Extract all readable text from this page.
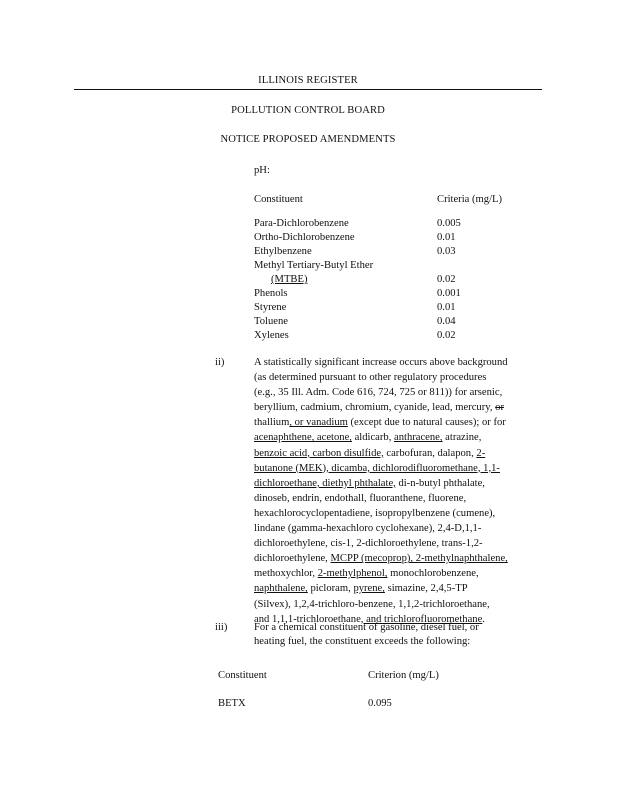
ILLINOIS REGISTER
POLLUTION CONTROL BOARD
NOTICE PROPOSED AMENDMENTS
pH:
Constituent	Criteria (mg/L)
Para-Dichlorobenzene	0.005
Ortho-Dichlorobenzene	0.01
Ethylbenzene	0.03
Methyl Tertiary-Butyl Ether
(MTBE)	0.02
Phenols	0.001
Styrene	0.01
Toluene	0.04
Xylenes	0.02
ii)	A statistically significant increase occurs above background

(as determined pursuant to other regulatory procedures

(e.g., 35 Ill. Adm. Code 616, 724, 725 or 811)) for arsenic,

beryllium, cadmium, chromium, cyanide, lead, mercury, or

thallium, or vanadium (except due to natural causes); or for

acenaphthene, acetone, aldicarb, anthracene, atrazine,

benzoic acid, carbon disulfide, carbofuran, dalapon, 2-

butanone (MEK), dicamba, dichlorodifluoromethane, 1,1-

dichloroethane, diethyl phthalate, di-n-butyl phthalate,

dinoseb, endrin, endothall, fluoranthene, fluorene,

hexachlorocyclopentadiene, isopropylbenzene (cumene),

lindane (gamma-hexachloro cyclohexane), 2,4-D,1,1-

dichloroethylene, cis-1, 2-dichloroethylene, trans-1,2-

dichloroethylene, MCPP (mecoprop), 2-methylnaphthalene,

methoxychlor, 2-methylphenol, monochlorobenzene,

naphthalene, picloram, pyrene, simazine, 2,4,5-TP

(Silvex), 1,2,4-trichloro-benzene, 1,1,2-trichloroethane,

and 1,1,1-trichloroethane, and trichlorofluoromethane.

iii)	For a chemical constituent of gasoline, diesel fuel, or
heating fuel, the constituent exceeds the following:
Constituent	Criterion (mg/L)
BETX	0.095
